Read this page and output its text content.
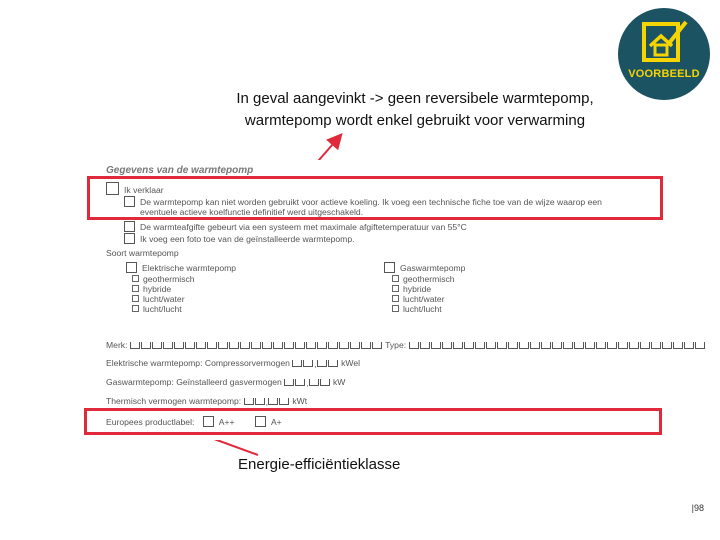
VOORBEELD
In geval aangevinkt -> geen reversibele warmtepomp,
warmtepomp wordt enkel gebruikt voor verwarming
Gegevens van de warmtepomp
Ik verklaar
De warmtepomp kan niet worden gebruikt voor actieve koeling. Ik voeg een technische fiche toe van de wijze waarop een
eventuele actieve koelfunctie definitief werd uitgeschakeld.
De warmteafgifte gebeurt via een systeem met maximale afgiftetemperatuur van 55°C
Ik voeg een foto toe van de geïnstalleerde warmtepomp.
Soort warmtepomp
Elektrische warmtepomp
geothermisch
hybride
lucht/water
lucht/lucht
Gaswarmtepomp
geothermisch
hybride
lucht/water
lucht/lucht
Merk:	Type:
Elektrische warmtepomp: Compressorvermogen	,	kWel
Gaswarmtepomp: Geïnstalleerd gasvermogen	,	kW
Thermisch vermogen warmtepomp:	,	kWt
Europees productlabel:	A++	A+
Energie-efficiëntieklasse
|98
